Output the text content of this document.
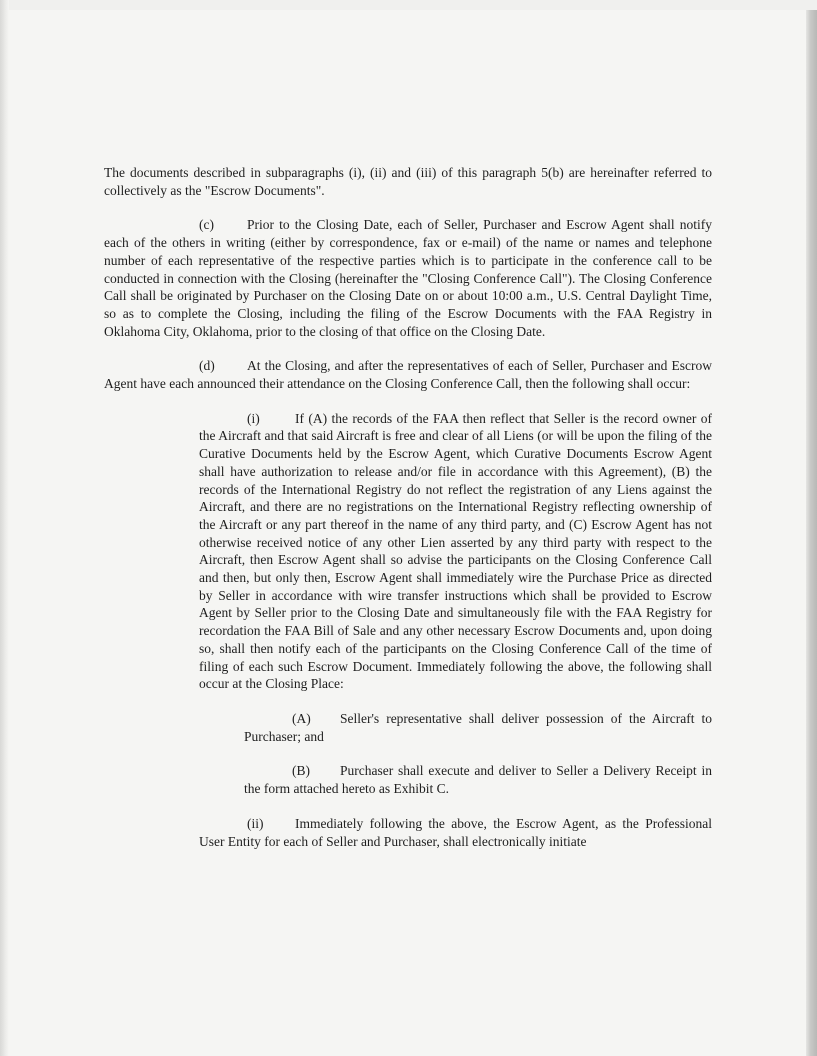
The documents described in subparagraphs (i), (ii) and (iii) of this paragraph 5(b) are hereinafter referred to collectively as the "Escrow Documents".

(c) Prior to the Closing Date, each of Seller, Purchaser and Escrow Agent shall notify each of the others in writing (either by correspondence, fax or e-mail) of the name or names and telephone number of each representative of the respective parties which is to participate in the conference call to be conducted in connection with the Closing (hereinafter the "Closing Conference Call"). The Closing Conference Call shall be originated by Purchaser on the Closing Date on or about 10:00 a.m., U.S. Central Daylight Time, so as to complete the Closing, including the filing of the Escrow Documents with the FAA Registry in Oklahoma City, Oklahoma, prior to the closing of that office on the Closing Date.

(d) At the Closing, and after the representatives of each of Seller, Purchaser and Escrow Agent have each announced their attendance on the Closing Conference Call, then the following shall occur:

(i)	If (A) the records of the FAA then reflect that Seller is the record owner of the Aircraft and that said Aircraft is free and clear of all Liens (or will be upon the filing of the Curative Documents held by the Escrow Agent, which Curative Documents Escrow Agent shall have authorization to release and/or file in accordance with this Agreement), (B) the records of the International Registry do not reflect the registration of any Liens against the Aircraft, and there are no registrations on the International Registry reflecting ownership of the Aircraft or any part thereof in the name of any third party, and (C) Escrow Agent has not otherwise received notice of any other Lien asserted by any third party with respect to the Aircraft, then Escrow Agent shall so advise the participants on the Closing Conference Call and then, but only then, Escrow Agent shall immediately wire the Purchase Price as directed by Seller in accordance with wire transfer instructions which shall be provided to Escrow Agent by Seller prior to the Closing Date and simultaneously file with the FAA Registry for recordation the FAA Bill of Sale and any other necessary Escrow Documents and, upon doing so, shall then notify each of the participants on the Closing Conference Call of the time of filing of each such Escrow Document. Immediately following the above, the following shall occur at the Closing Place:

(A) Seller's representative shall deliver possession of the Aircraft to Purchaser; and

(B) Purchaser shall execute and deliver to Seller a Delivery Receipt in the form attached hereto as Exhibit C.

(ii) Immediately following the above, the Escrow Agent, as the Professional User Entity for each of Seller and Purchaser, shall electronically initiate
